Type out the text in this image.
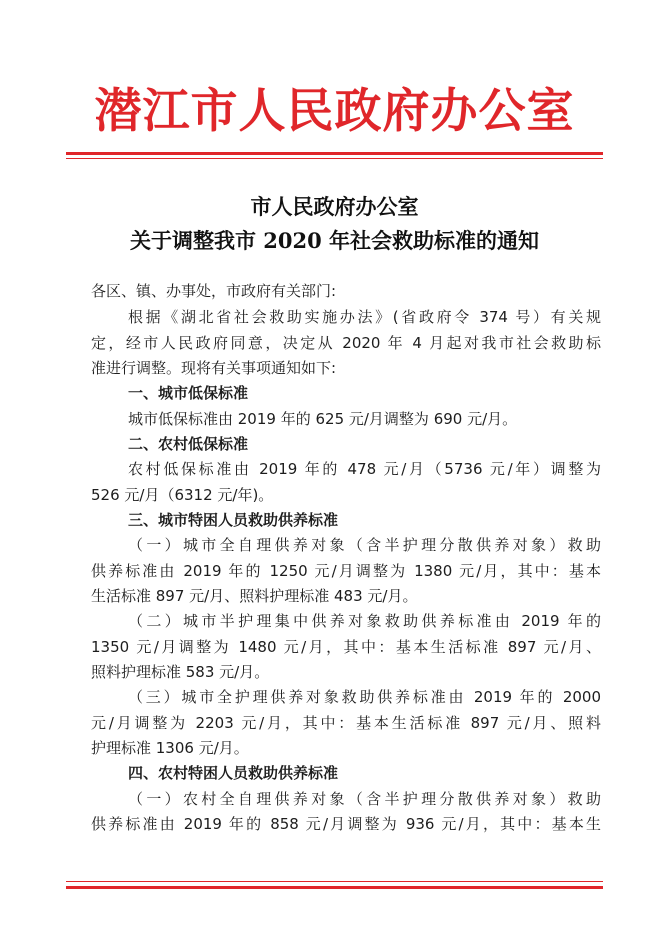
潜江市人民政府办公室
市人民政府办公室
关于调整我市 2020 年社会救助标准的通知
各区、镇、办事处，市政府有关部门:
根据《湖北省社会救助实施办法》(省政府令 374 号）有关规
定，经市人民政府同意，决定从 2020 年 4 月起对我市社会救助标
准进行调整。现将有关事项通知如下:
一、城市低保标准
城市低保标准由 2019 年的 625 元/月调整为 690 元/月。
二、农村低保标准
农村低保标准由 2019 年的 478 元/月（5736 元/年）调整为
526 元/月（6312 元/年)。
三、城市特困人员救助供养标准
（一）城市全自理供养对象（含半护理分散供养对象）救助
供养标准由 2019 年的 1250 元/月调整为 1380 元/月，其中：基本
生活标准 897 元/月、照料护理标准 483 元/月。
（二）城市半护理集中供养对象救助供养标准由 2019 年的
1350 元/月调整为 1480 元/月，其中：基本生活标准 897 元/月、
照料护理标准 583 元/月。
（三）城市全护理供养对象救助供养标准由 2019 年的 2000
元/月调整为 2203 元/月，其中：基本生活标准 897 元/月、照料
护理标准 1306 元/月。
四、农村特困人员救助供养标准
（一）农村全自理供养对象（含半护理分散供养对象）救助
供养标准由 2019 年的 858 元/月调整为 936 元/月，其中：基本生
